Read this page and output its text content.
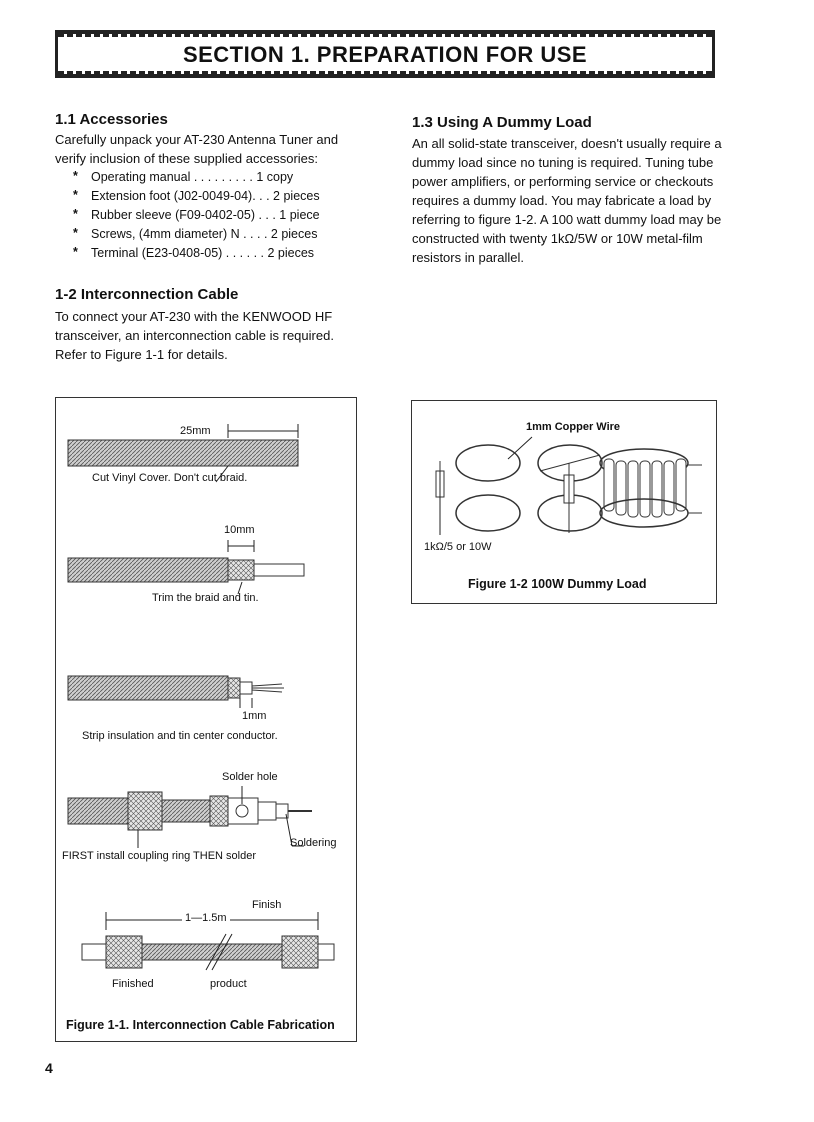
SECTION 1. PREPARATION FOR USE
1.1 Accessories

Carefully unpack your AT-230 Antenna Tuner and verify inclusion of these supplied accessories:

* Operating manual . . . . . . . . . 1 copy
* Extension foot (J02-0049-04). . . 2 pieces
* Rubber sleeve (F09-0402-05) . . . 1 piece
* Screws, (4mm diameter) N . . . . 2 pieces
* Terminal (E23-0408-05) . . . . . . 2 pieces
1-2 Interconnection Cable

To connect your AT-230 with the KENWOOD HF transceiver, an interconnection cable is required. Refer to Figure 1-1 for details.

1.3 Using A Dummy Load

An all solid-state transceiver, doesn't usually require a dummy load since no tuning is required. Tuning tube power amplifiers, or performing service or checkouts requires a dummy load. You may fabricate a load by referring to figure 1-2. A 100 watt dummy load may be constructed with twenty 1kΩ/5W or 10W metal-film resistors in parallel.

25mm
Cut Vinyl Cover. Don't cut braid.
10mm
Trim the braid and tin.
1mm
Strip insulation and tin center conductor.
Solder hole
Soldering
FIRST install coupling ring THEN solder
Finish
1—1.5m
Finished	product
Figure 1-1. Interconnection Cable Fabrication
1mm Copper Wire
1kΩ/5 or 10W
Figure 1-2 100W Dummy Load
4
